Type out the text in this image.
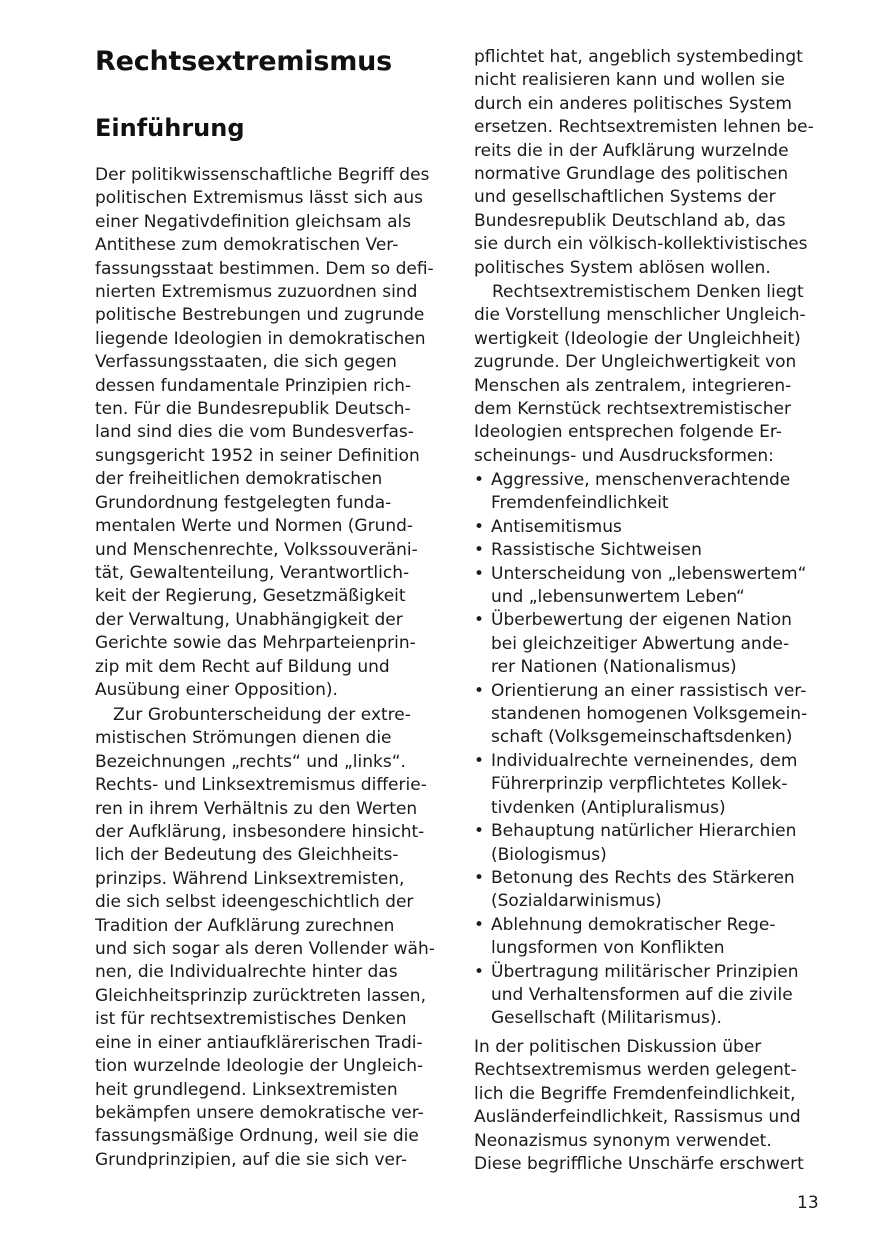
Rechtsextremismus
Einführung
Der politikwissenschaftliche Begriff des
politischen Extremismus lässt sich aus
einer Negativdefinition gleichsam als
Antithese zum demokratischen Ver-
fassungsstaat bestimmen. Dem so defi-
nierten Extremismus zuzuordnen sind
politische Bestrebungen und zugrunde
liegende Ideologien in demokratischen
Verfassungsstaaten, die sich gegen
dessen fundamentale Prinzipien rich-
ten. Für die Bundesrepublik Deutsch-
land sind dies die vom Bundesverfas-
sungsgericht 1952 in seiner Definition
der freiheitlichen demokratischen
Grundordnung festgelegten funda-
mentalen Werte und Normen (Grund-
und Menschenrechte, Volkssouveräni-
tät, Gewaltenteilung, Verantwortlich-
keit der Regierung, Gesetzmäßigkeit
der Verwaltung, Unabhängigkeit der
Gerichte sowie das Mehrparteienprin-
zip mit dem Recht auf Bildung und
Ausübung einer Opposition).
Zur Grobunterscheidung der extre-
mistischen Strömungen dienen die
Bezeichnungen „rechts“ und „links“.
Rechts- und Linksextremismus differie-
ren in ihrem Verhältnis zu den Werten
der Aufklärung, insbesondere hinsicht-
lich der Bedeutung des Gleichheits-
prinzips. Während Linksextremisten,
die sich selbst ideengeschichtlich der
Tradition der Aufklärung zurechnen
und sich sogar als deren Vollender wäh-
nen, die Individualrechte hinter das
Gleichheitsprinzip zurücktreten lassen,
ist für rechtsextremistisches Denken
eine in einer antiaufklärerischen Tradi-
tion wurzelnde Ideologie der Ungleich-
heit grundlegend. Linksextremisten
bekämpfen unsere demokratische ver-
fassungsmäßige Ordnung, weil sie die
Grundprinzipien, auf die sie sich ver-
pflichtet hat, angeblich systembedingt
nicht realisieren kann und wollen sie
durch ein anderes politisches System
ersetzen. Rechtsextremisten lehnen be-
reits die in der Aufklärung wurzelnde
normative Grundlage des politischen
und gesellschaftlichen Systems der
Bundesrepublik Deutschland ab, das
sie durch ein völkisch-kollektivistisches
politisches System ablösen wollen.
Rechtsextremistischem Denken liegt
die Vorstellung menschlicher Ungleich-
wertigkeit (Ideologie der Ungleichheit)
zugrunde. Der Ungleichwertigkeit von
Menschen als zentralem, integrieren-
dem Kernstück rechtsextremistischer
Ideologien entsprechen folgende Er-
scheinungs- und Ausdrucksformen:
• Aggressive, menschenverachtende
Fremdenfeindlichkeit
• Antisemitismus
• Rassistische Sichtweisen
• Unterscheidung von „lebenswertem“
und „lebensunwertem Leben“
• Überbewertung der eigenen Nation
bei gleichzeitiger Abwertung ande-
rer Nationen (Nationalismus)
• Orientierung an einer rassistisch ver-
standenen homogenen Volksgemein-
schaft (Volksgemeinschaftsdenken)
• Individualrechte verneinendes, dem
Führerprinzip verpflichtetes Kollek-
tivdenken (Antipluralismus)
• Behauptung natürlicher Hierarchien
(Biologismus)
• Betonung des Rechts des Stärkeren
(Sozialdarwinismus)
• Ablehnung demokratischer Rege-
lungsformen von Konflikten
• Übertragung militärischer Prinzipien
und Verhaltensformen auf die zivile
Gesellschaft (Militarismus).
In der politischen Diskussion über
Rechtsextremismus werden gelegent-
lich die Begriffe Fremdenfeindlichkeit,
Ausländerfeindlichkeit, Rassismus und
Neonazismus synonym verwendet.
Diese begriffliche Unschärfe erschwert
13
